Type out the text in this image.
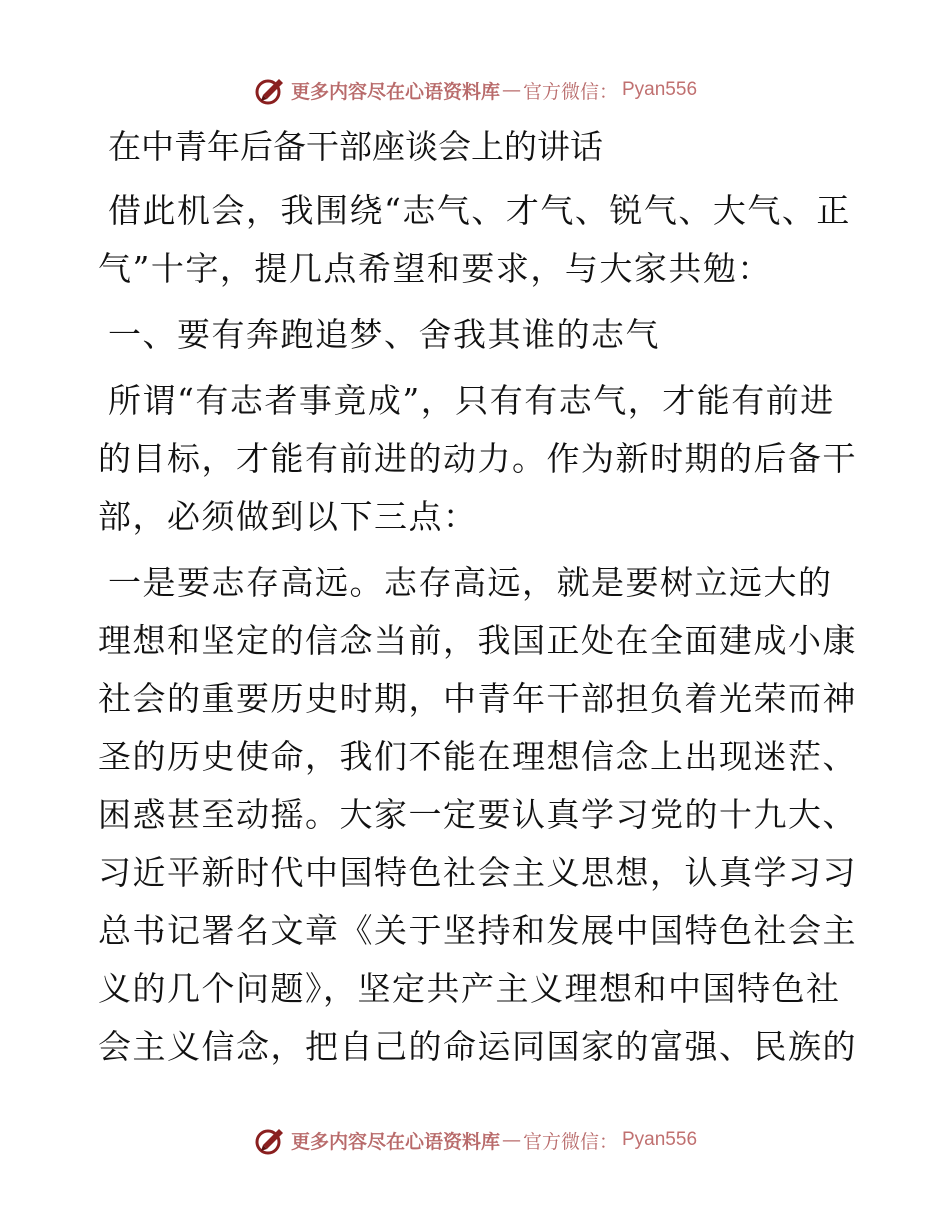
更多内容尽在心语资料库 — 官方微信： Pyan556
在中青年后备干部座谈会上的讲话

借此机会，我围绕“志气、才气、锐气、大气、正气”十字，提几点希望和要求，与大家共勉：

一、要有奔跑追梦、舍我其谁的志气

所谓“有志者事竟成”，只有有志气，才能有前进的目标，才能有前进的动力。作为新时期的后备干部，必须做到以下三点：

一是要志存高远。志存高远，就是要树立远大的理想和坚定的信念当前，我国正处在全面建成小康社会的重要历史时期，中青年干部担负着光荣而神圣的历史使命，我们不能在理想信念上出现迷茫、困惑甚至动摇。大家一定要认真学习党的十九大、习近平新时代中国特色社会主义思想，认真学习习总书记署名文章《关于坚持和发展中国特色社会主义的几个问题》，坚定共产主义理想和中国特色社会主义信念，把自己的命运同国家的富强、民族的

更多内容尽在心语资料库 — 官方微信： Pyan556
